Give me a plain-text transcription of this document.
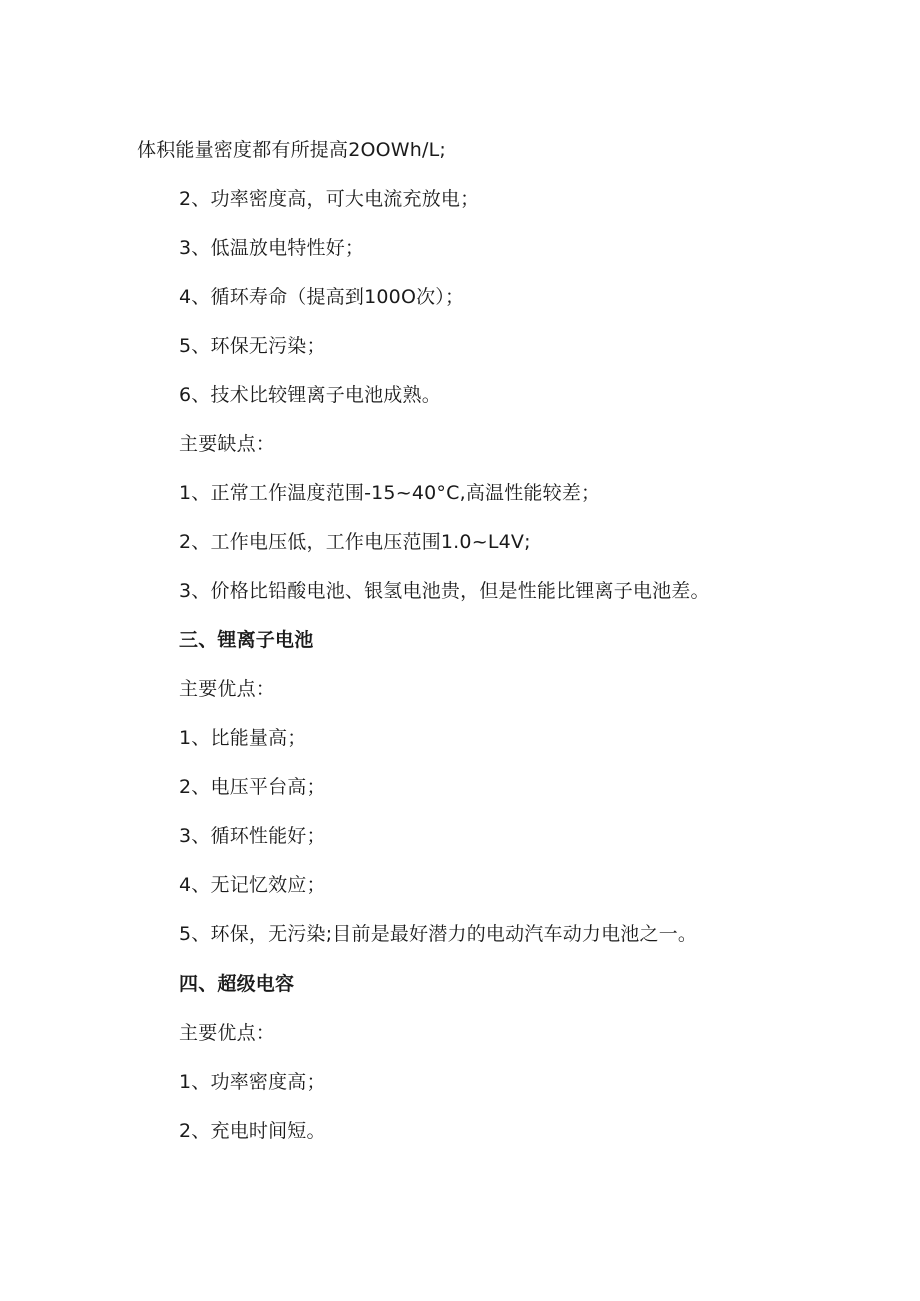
体积能量密度都有所提高2OOWh∕L;

2、功率密度高，可大电流充放电；

3、低温放电特性好；

4、循环寿命（提高到100O次）；

5、环保无污染；

6、技术比较锂离子电池成熟。

主要缺点：

1、正常工作温度范围-15~40°C,高温性能较差；

2、工作电压低，工作电压范围1.0~L4V;

3、价格比铅酸电池、银氢电池贵，但是性能比锂离子电池差。

三、锂离子电池

主要优点：

1、比能量高；

2、电压平台高；

3、循环性能好；

4、无记忆效应；

5、环保，无污染;目前是最好潜力的电动汽车动力电池之一。

四、超级电容

主要优点：

1、功率密度高；

2、充电时间短。
